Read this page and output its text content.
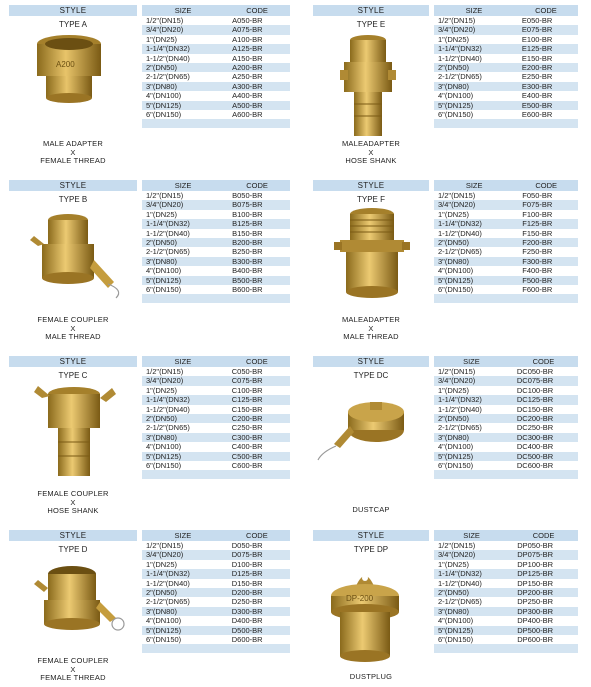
STYLE
TYPE A
A200
MALE ADAPTER
X
FEMALE THREAD
SIZE	CODE
1/2"(DN15)	A050-BR
3/4"(DN20)	A075-BR
1"(DN25)	A100-BR
1-1/4"(DN32)	A125-BR
1-1/2"(DN40)	A150-BR
2"(DN50)	A200-BR
2-1/2"(DN65)	A250-BR
3"(DN80)	A300-BR
4"(DN100)	A400-BR
5"(DN125)	A500-BR
6"(DN150)	A600-BR

STYLE
TYPE E
MALEADAPTER
X
HOSE SHANK
SIZE	CODE
1/2"(DN15)	E050-BR
3/4"(DN20)	E075-BR
1"(DN25)	E100-BR
1-1/4"(DN32)	E125-BR
1-1/2"(DN40)	E150-BR
2"(DN50)	E200-BR
2-1/2"(DN65)	E250-BR
3"(DN80)	E300-BR
4"(DN100)	E400-BR
5"(DN125)	E500-BR
6"(DN150)	E600-BR

STYLE
TYPE B
FEMALE COUPLER
X
MALE THREAD
SIZE	CODE
1/2"(DN15)	B050-BR
3/4"(DN20)	B075-BR
1"(DN25)	B100-BR
1-1/4"(DN32)	B125-BR
1-1/2"(DN40)	B150-BR
2"(DN50)	B200-BR
2-1/2"(DN65)	B250-BR
3"(DN80)	B300-BR
4"(DN100)	B400-BR
5"(DN125)	B500-BR
6"(DN150)	B600-BR

STYLE
TYPE F
MALEADAPTER
X
MALE THREAD
SIZE	CODE
1/2"(DN15)	F050-BR
3/4"(DN20)	F075-BR
1"(DN25)	F100-BR
1-1/4"(DN32)	F125-BR
1-1/2"(DN40)	F150-BR
2"(DN50)	F200-BR
2-1/2"(DN65)	F250-BR
3"(DN80)	F300-BR
4"(DN100)	F400-BR
5"(DN125)	F500-BR
6"(DN150)	F600-BR

STYLE
TYPE C
FEMALE COUPLER
X
HOSE SHANK
SIZE	CODE
1/2"(DN15)	C050-BR
3/4"(DN20)	C075-BR
1"(DN25)	C100-BR
1-1/4"(DN32)	C125-BR
1-1/2"(DN40)	C150-BR
2"(DN50)	C200-BR
2-1/2"(DN65)	C250-BR
3"(DN80)	C300-BR
4"(DN100)	C400-BR
5"(DN125)	C500-BR
6"(DN150)	C600-BR

STYLE
TYPE DC
DUSTCAP
SIZE	CODE
1/2"(DN15)	DC050-BR
3/4"(DN20)	DC075-BR
1"(DN25)	DC100-BR
1-1/4"(DN32)	DC125-BR
1-1/2"(DN40)	DC150-BR
2"(DN50)	DC200-BR
2-1/2"(DN65)	DC250-BR
3"(DN80)	DC300-BR
4"(DN100)	DC400-BR
5"(DN125)	DC500-BR
6"(DN150)	DC600-BR

STYLE
TYPE D
FEMALE COUPLER
X
FEMALE THREAD
SIZE	CODE
1/2"(DN15)	D050-BR
3/4"(DN20)	D075-BR
1"(DN25)	D100-BR
1-1/4"(DN32)	D125-BR
1-1/2"(DN40)	D150-BR
2"(DN50)	D200-BR
2-1/2"(DN65)	D250-BR
3"(DN80)	D300-BR
4"(DN100)	D400-BR
5"(DN125)	D500-BR
6"(DN150)	D600-BR

STYLE
TYPE DP
DP-200
DUSTPLUG
SIZE	CODE
1/2"(DN15)	DP050-BR
3/4"(DN20)	DP075-BR
1"(DN25)	DP100-BR
1-1/4"(DN32)	DP125-BR
1-1/2"(DN40)	DP150-BR
2"(DN50)	DP200-BR
2-1/2"(DN65)	DP250-BR
3"(DN80)	DP300-BR
4"(DN100)	DP400-BR
5"(DN125)	DP500-BR
6"(DN150)	DP600-BR
